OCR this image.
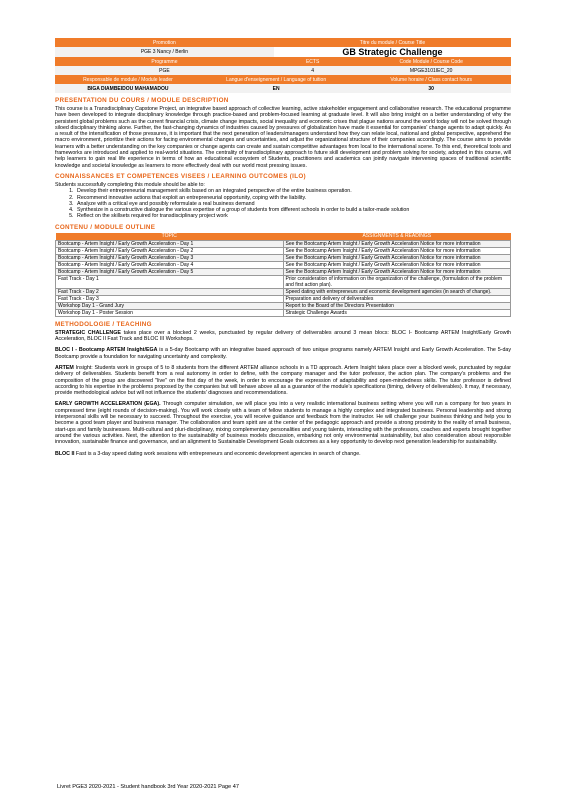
Promotion	Titre du module / Course Title
PGE 3 Nancy / Berlin	GB Strategic Challenge
Programme	ECTS	Code Module / Course Code
PGE	4	MPGE3101IEC_20
Responsable de module / Module leader	Langue d'enseignement / Language of tuition	Volume horaire / Class contact hours
BIGA DIAMBEIDOU MAHAMADOU	EN	30
PRESENTATION DU COURS / MODULE DESCRIPTION
This course is a Transdisciplinary Capstone Project, an integrative based approach of collective learning, active stakeholder engagement and collaborative research. The educational programme have been developed to integrate disciplinary knowledge through practice-based and problem-focused learning at graduate level. It will also bring insight on a better understanding of why the persistent global problems such as the current financial crisis, climate change impacts, social inequality and economic crises that plague nations around the world today will not be solved through siloed disciplinary thinking alone. Further, the fast-changing dynamics of industries caused by pressures of globalization have made it essential for companies' change agents to adapt quickly. As a result of the intensification of those pressures, it is important that the next generation of leaders/managers understand how they can relate local, national and global perspective, apprehend the macro environment, prioritize their actions for facing environmental changes and uncertainties, and adjust the organizational structure of their companies accordingly. The course aims to provide learners with a better understanding on the key companies or change agents can create and sustain competitive advantages from local to the international scene. To this end, theoretical tools and frameworks are introduced and applied to real-world situations. The centrality of transdisciplinary approach to future skill development and problem solving for society, adopted in this course, will help learners to gain real life experience in terms of how an educational ecosystem of Students, practitioners and academics can jointly navigate intervening spaces of traditional scientific knowledge and societal knowledge as learners to more effectively deal with our world most pressing issues.
CONNAISSANCES ET COMPETENCES VISEES / LEARNING OUTCOMES (ILO)
Students successfully completing this module should be able to:
1. Develop their entrepreneurial management skills based on an integrated perspective of the entire business operation.
2. Recommend innovative actions that exploit an entrepreneurial opportunity, coping with the liability.
3. Analyze with a critical eye and possibly reformulate a real business demand
4. Synthesize in a constructive dialogue the various expertise of a group of students from different schools in order to build a tailor-made solution
5. Reflect on the skillsets required for transdisciplinary project work
CONTENU / MODULE OUTLINE
TOPIC	ASSIGNMENTS & READINGS
Bootcamp - Artem Insight / Early Growth Acceleration - Day 1	See the Bootcamp Artem Insight / Early Growth Acceleration Notice for more information
Bootcamp - Artem Insight / Early Growth Acceleration - Day 2	See the Bootcamp Artem Insight / Early Growth Acceleration Notice for more information
Bootcamp - Artem Insight / Early Growth Acceleration - Day 3	See the Bootcamp Artem Insight / Early Growth Acceleration Notice for more information
Bootcamp - Artem Insight / Early Growth Acceleration - Day 4	See the Bootcamp Artem Insight / Early Growth Acceleration Notice for more information
Bootcamp - Artem Insight / Early Growth Acceleration - Day 5	See the Bootcamp Artem Insight / Early Growth Acceleration Notice for more information
Fast Track - Day 1	Prior consideration of information on the organization of the challenge, (formulation of the problem and first action plan).
Fast Track - Day 2	Speed dating with entrepreneurs and economic development agencies (in search of change).
Fast Track - Day 3	Preparation and delivery of deliverables
Workshop Day 1 - Grand Jury	Report to the Board of the Directors Presentation
Workshop Day 1 - Poster Session	Strategic Challenge Awards
METHODOLOGIE / TEACHING

STRATEGIC CHALLENGE takes place over a blocked 2 weeks, punctuated by regular delivery of deliverables around 3 mean blocs: BLOC I- Bootcamp ARTEM Insight/Early Growth Acceleration, BLOC II Fast Track and BLOC III Workshops.

BLOC I - Bootcamp ARTEM Insight/EGA is a 5-day Bootcamp with an integrative based approach of two unique programs namely ARTEM Insight and Early Growth Acceleration. The 5-day Bootcamp provide a foundation for navigating uncertainty and complexity.

ARTEM Insight: Students work in groups of 5 to 8 students from the different ARTEM alliance schools in a TD approach. Artem Insight takes place over a blocked week, punctuated by regular delivery of deliverables. Students benefit from a real autonomy in order to define, with the company manager and the tutor professor, the action plan. The company's problems and the composition of the group are discovered "live" on the first day of the week, in order to encourage the expression of adaptability and open-mindedness skills. The tutor professor is defined according to his expertise in the problems proposed by the companies but will behave above all as a guarantor of the module's specifications (timing, delivery of deliverables). It may, if necessary, provide methodological advice but will not influence the students' diagnoses and recommendations.

EARLY GROWTH ACCELERATION (EGA). Through computer simulation, we will place you into a very realistic international business setting where you will run a company for two years in compressed time (eight rounds of decision-making). You will work closely with a team of fellow students to manage a highly complex and integrated business. Personal leadership and strong interpersonal skills will be necessary to succeed. Throughout the exercise, you will receive guidance and feedback from the instructor. He will challenge your business thinking and help you to become a good team player and business manager. The collaboration and team spirit are at the center of the pedagogic approach and provide a strong proximity to the reality of small business, start-ups and family businesses. Multi-cultural and pluri-disciplinary, mixing complementary personalities and young talents, interacting with the professors, coaches and experts brought together around the various activities. Next, the attention to the sustainability of business models discussion, embarking not only environmental sustainability, but also consideration about responsible innovation, sustainable finance and governance, and an alignment to Sustainable Development Goals outcomes as a key opportunity to develop next generation leadership for sustainability.

BLOC II Fast is a 3-day speed dating work sessions with entrepreneurs and economic development agencies in search of change.

Livret PGE3 2020-2021 - Student handbook 3rd Year 2020-2021 Page 47
